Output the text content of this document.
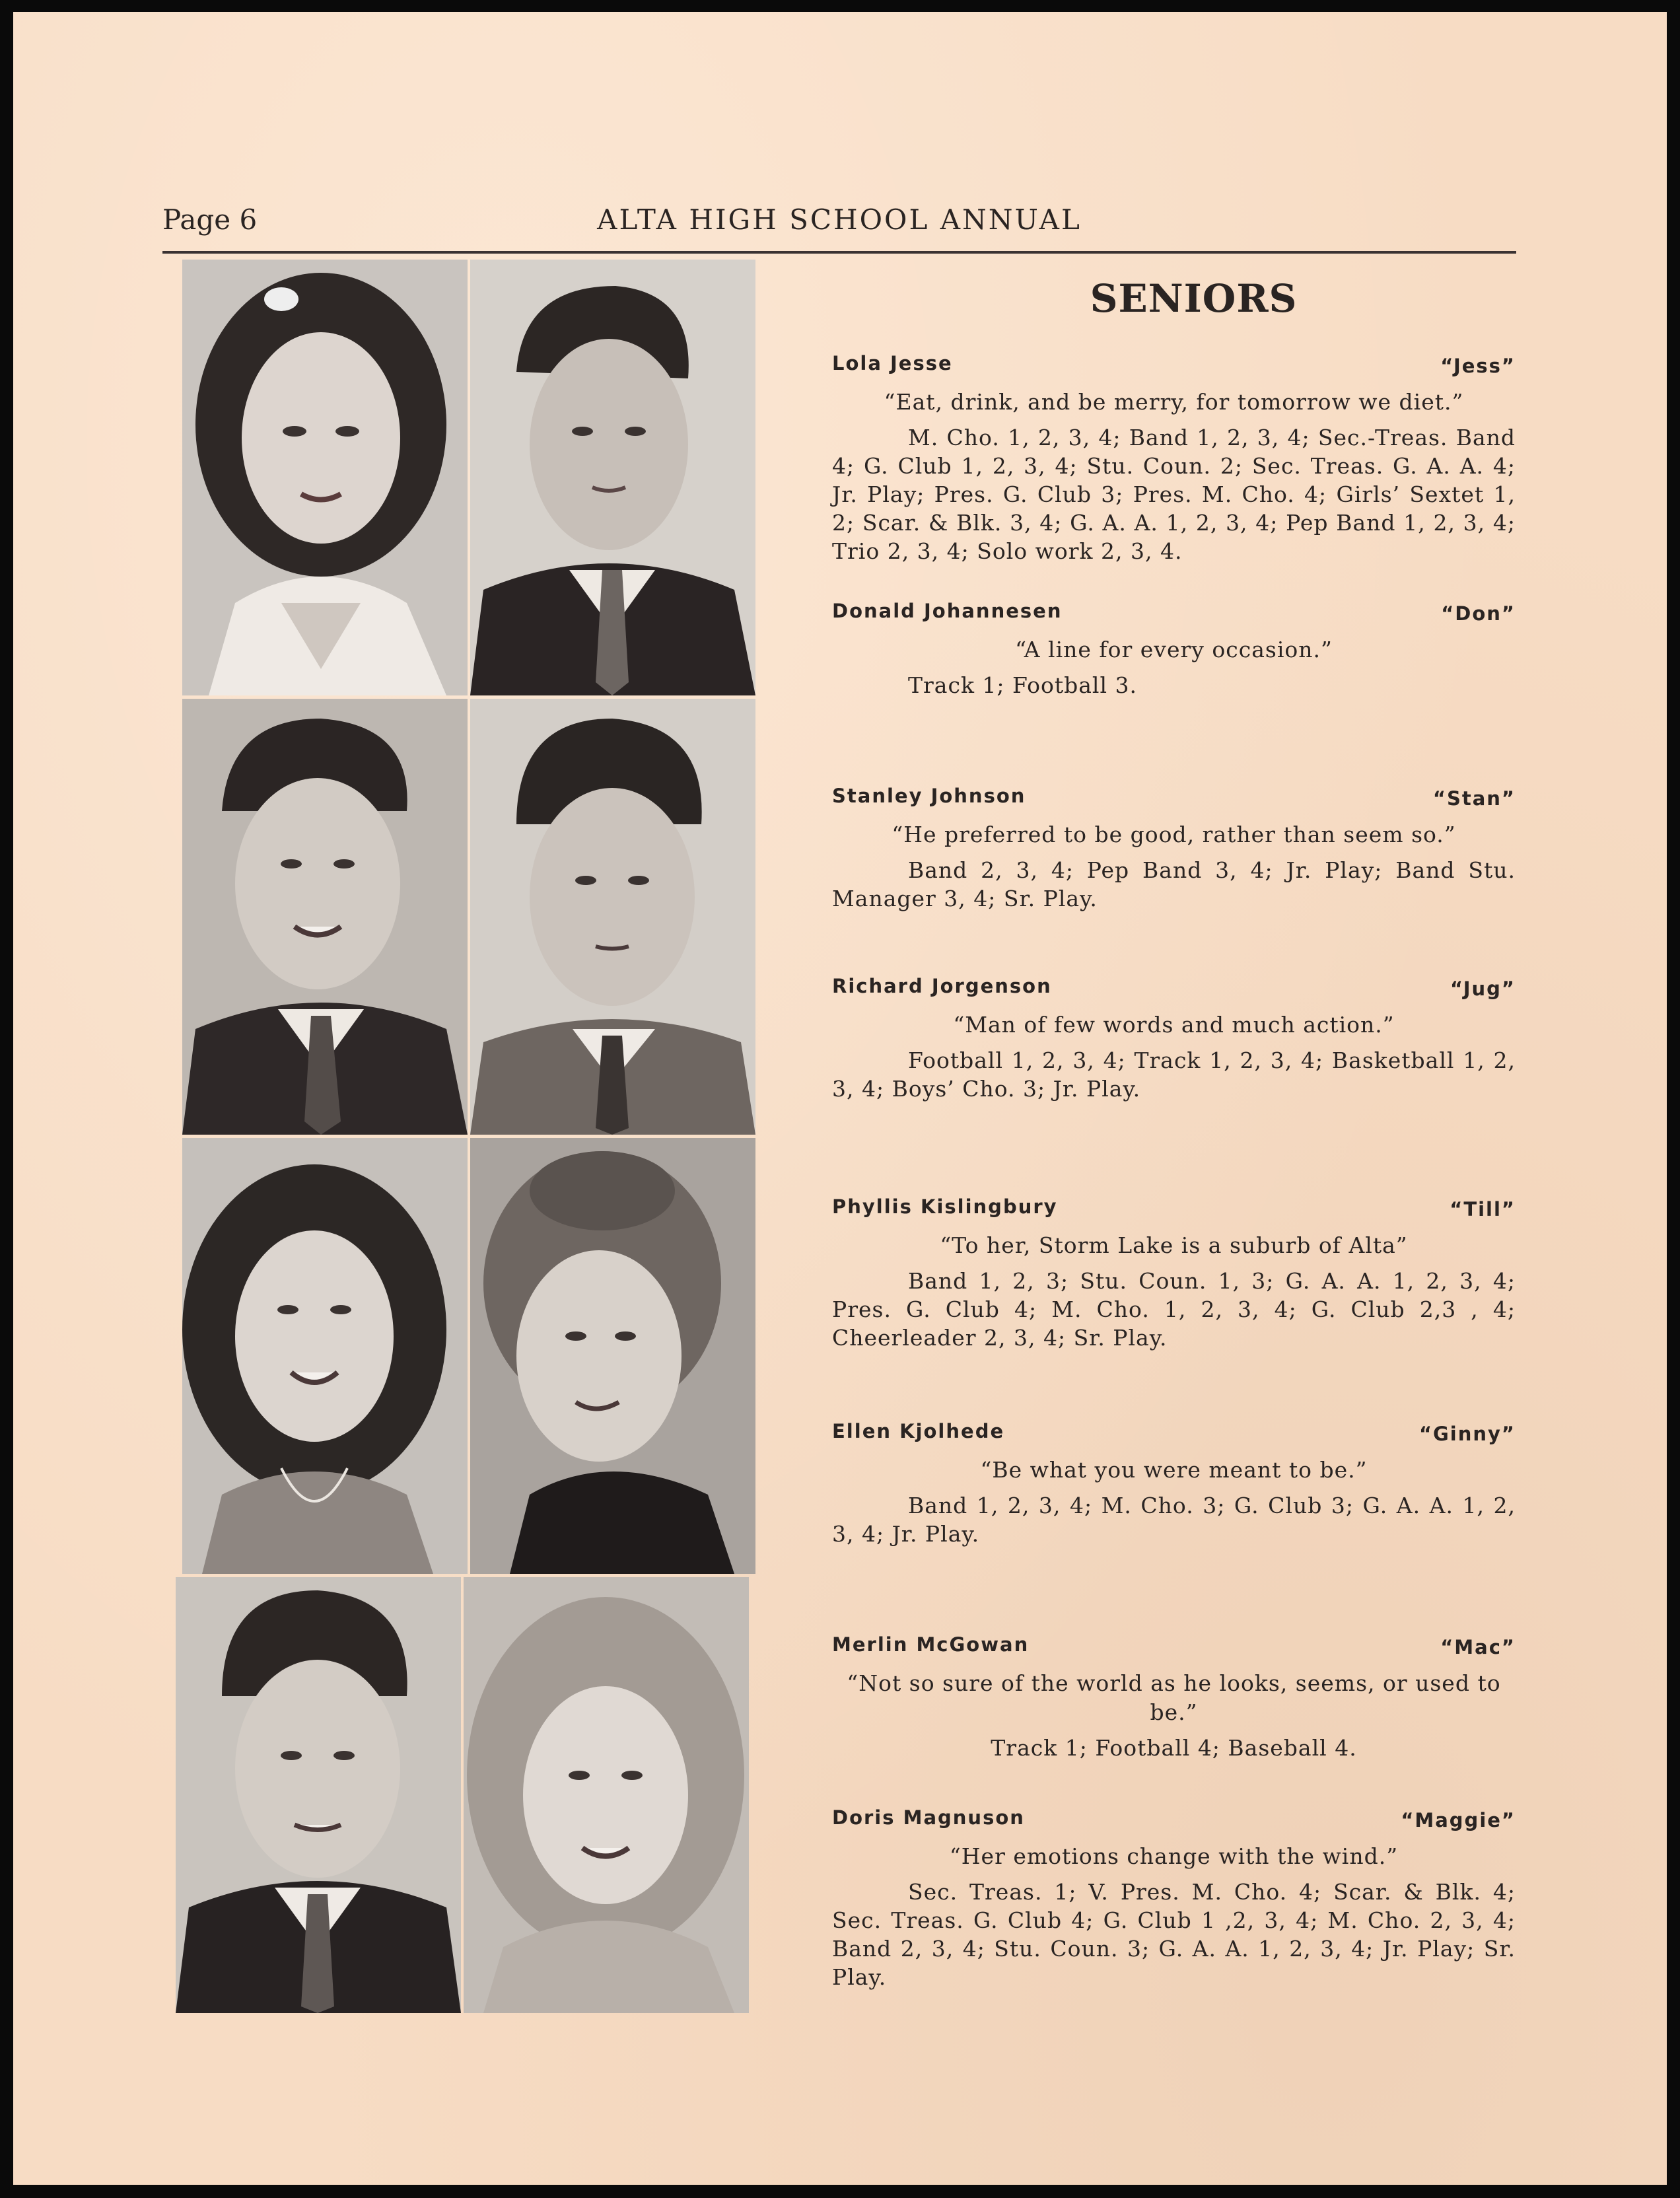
Page 6	ALTA HIGH SCHOOL ANNUAL
SENIORS
Lola Jesse	“Jess”
“Eat, drink, and be merry, for tomorrow we diet.”
M. Cho. 1, 2, 3, 4; Band 1, 2, 3, 4; Sec.-Treas. Band 4; G. Club 1, 2, 3, 4; Stu. Coun. 2; Sec. Treas. G. A. A. 4; Jr. Play; Pres. G. Club 3; Pres. M. Cho. 4; Girls’ Sextet 1, 2; Scar. & Blk. 3, 4; G. A. A. 1, 2, 3, 4; Pep Band 1, 2, 3, 4; Trio 2, 3, 4; Solo work 2, 3, 4.
Donald Johannesen	“Don”
“A line for every occasion.”
Track 1; Football 3.
Stanley Johnson	“Stan”
“He preferred to be good, rather than seem so.”
Band 2, 3, 4; Pep Band 3, 4; Jr. Play; Band Stu. Manager 3, 4; Sr. Play.
Richard Jorgenson	“Jug”
“Man of few words and much action.”
Football 1, 2, 3, 4; Track 1, 2, 3, 4; Basketball 1, 2, 3, 4; Boys’ Cho. 3; Jr. Play.
Phyllis Kislingbury	“Till”
“To her, Storm Lake is a suburb of Alta”
Band 1, 2, 3; Stu. Coun. 1, 3; G. A. A. 1, 2, 3, 4; Pres. G. Club 4; M. Cho. 1, 2, 3, 4; G. Club 2,3 , 4; Cheerleader 2, 3, 4; Sr. Play.
Ellen Kjolhede	“Ginny”
“Be what you were meant to be.”
Band 1, 2, 3, 4; M. Cho. 3; G. Club 3; G. A. A. 1, 2, 3, 4; Jr. Play.
Merlin McGowan	“Mac”
“Not so sure of the world as he looks, seems, or used to be.”
Track 1; Football 4; Baseball 4.
Doris Magnuson	“Maggie”
“Her emotions change with the wind.”
Sec. Treas. 1; V. Pres. M. Cho. 4; Scar. & Blk. 4; Sec. Treas. G. Club 4; G. Club 1 ,2, 3, 4; M. Cho. 2, 3, 4; Band 2, 3, 4; Stu. Coun. 3; G. A. A. 1, 2, 3, 4; Jr. Play; Sr. Play.
